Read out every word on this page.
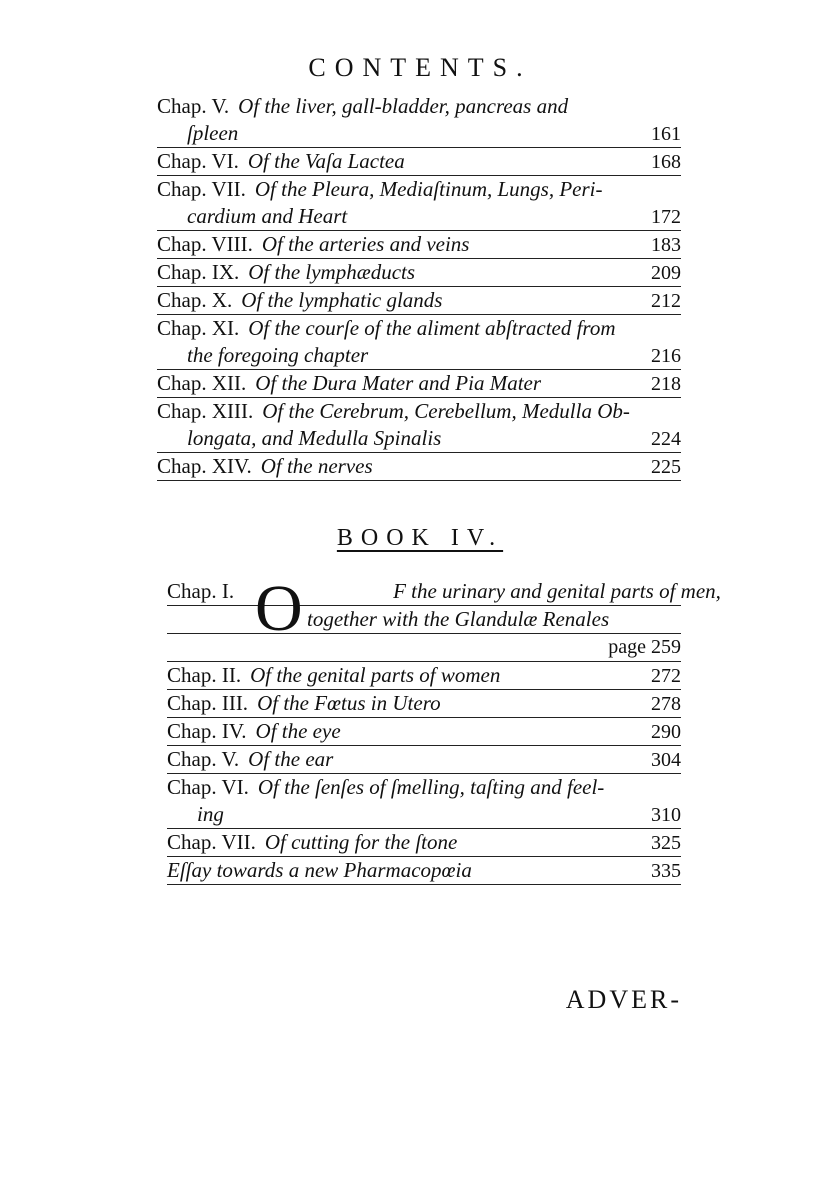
CONTENTS.
Chap. V. Of the liver, gall-bladder, pancreas and
ſpleen	161
Chap. VI. Of the Vaſa Lactea	168
Chap. VII. Of the Pleura, Mediaſtinum, Lungs, Peri-
cardium and Heart	172
Chap. VIII. Of the arteries and veins	183
Chap. IX. Of the lymphæducts	209
Chap. X. Of the lymphatic glands	212
Chap. XI. Of the courſe of the aliment abſtracted from
the foregoing chapter	216
Chap. XII. Of the Dura Mater and Pia Mater	218
Chap. XIII. Of the Cerebrum, Cerebellum, Medulla Ob-
longata, and Medulla Spinalis	224
Chap. XIV. Of the nerves	225
BOOK IV.
Chap. I. O	F the urinary and genital parts of men,
together with the Glandulæ Renales
page 259
Chap. II. Of the genital parts of women	272
Chap. III. Of the Fœtus in Utero	278
Chap. IV. Of the eye	290
Chap. V. Of the ear	304
Chap. VI. Of the ſenſes of ſmelling, taſting and feel-
ing	310
Chap. VII. Of cutting for the ſtone	325
Eſſay towards a new Pharmacopœia	335
ADVER-
